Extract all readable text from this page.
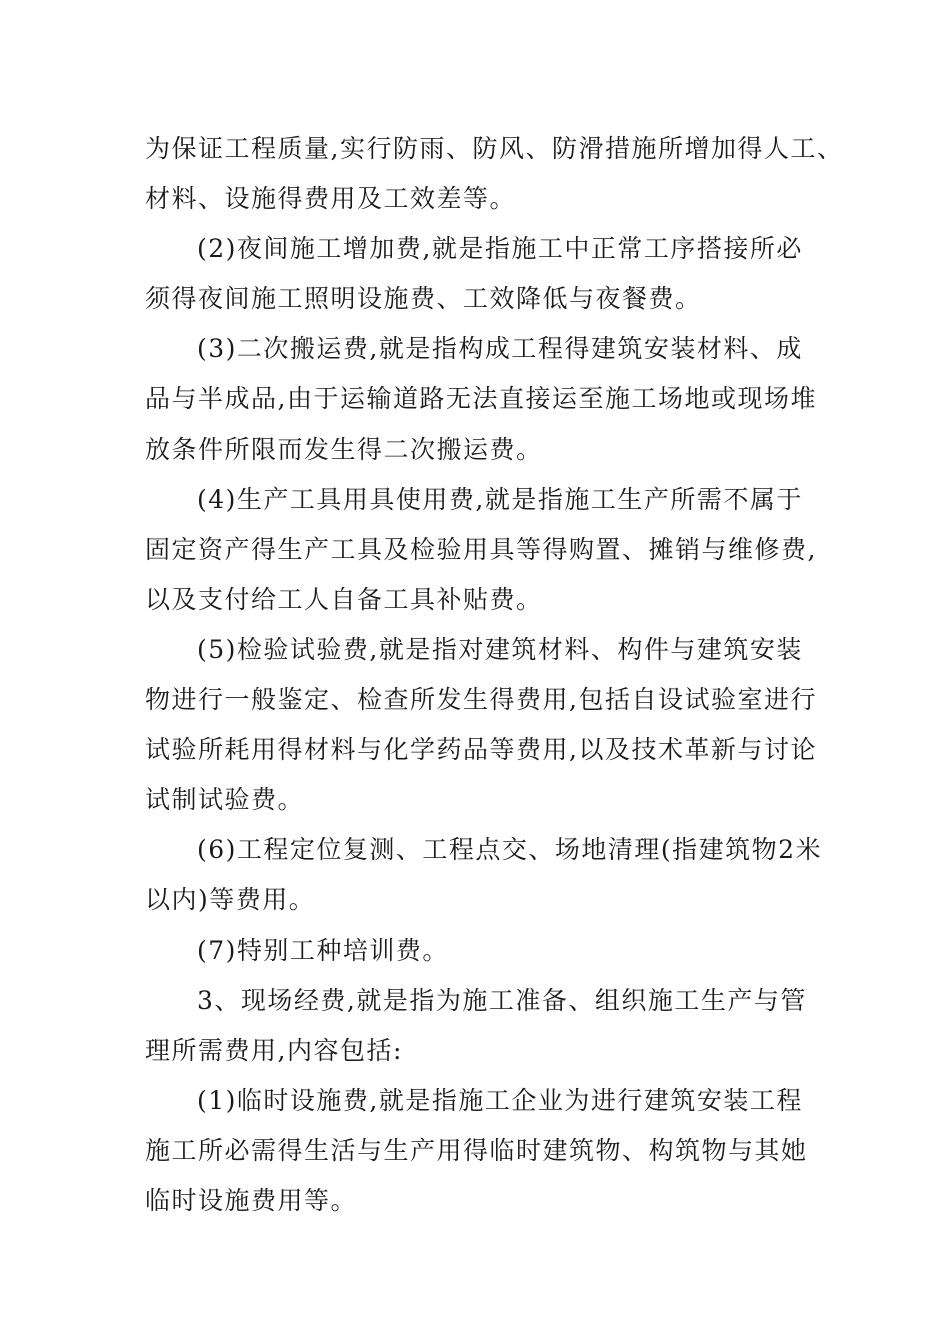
为保证工程质量,实行防雨、防风、防滑措施所增加得人工、
材料、设施得费用及工效差等。
(2)夜间施工增加费,就是指施工中正常工序搭接所必
须得夜间施工照明设施费、工效降低与夜餐费。
(3)二次搬运费,就是指构成工程得建筑安装材料、成
品与半成品,由于运输道路无法直接运至施工场地或现场堆
放条件所限而发生得二次搬运费。
(4)生产工具用具使用费,就是指施工生产所需不属于
固定资产得生产工具及检验用具等得购置、摊销与维修费,
以及支付给工人自备工具补贴费。
(5)检验试验费,就是指对建筑材料、构件与建筑安装
物进行一般鉴定、检查所发生得费用,包括自设试验室进行
试验所耗用得材料与化学药品等费用,以及技术革新与讨论
试制试验费。
(6)工程定位复测、工程点交、场地清理(指建筑物2米
以内)等费用。
(7)特别工种培训费。
3、现场经费,就是指为施工准备、组织施工生产与管
理所需费用,内容包括:
(1)临时设施费,就是指施工企业为进行建筑安装工程
施工所必需得生活与生产用得临时建筑物、构筑物与其她
临时设施费用等。
